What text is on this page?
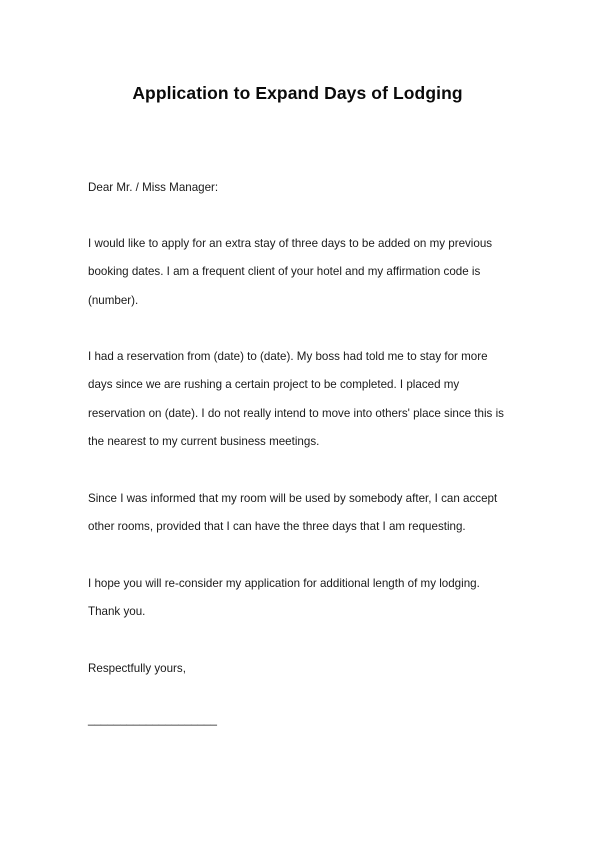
Application to Expand Days of Lodging
Dear Mr. / Miss Manager:
I would like to apply for an extra stay of three days to be added on my previous
booking dates. I am a frequent client of your hotel and my affirmation code is
(number).
I had a reservation from (date) to (date). My boss had told me to stay for more
days since we are rushing a certain project to be completed. I placed my
reservation on (date). I do not really intend to move into others' place since this is
the nearest to my current business meetings.
Since I was informed that my room will be used by somebody after, I can accept
other rooms, provided that I can have the three days that I am requesting.
I hope you will re-consider my application for additional length of my lodging.
Thank you.
Respectfully yours,
____________________
